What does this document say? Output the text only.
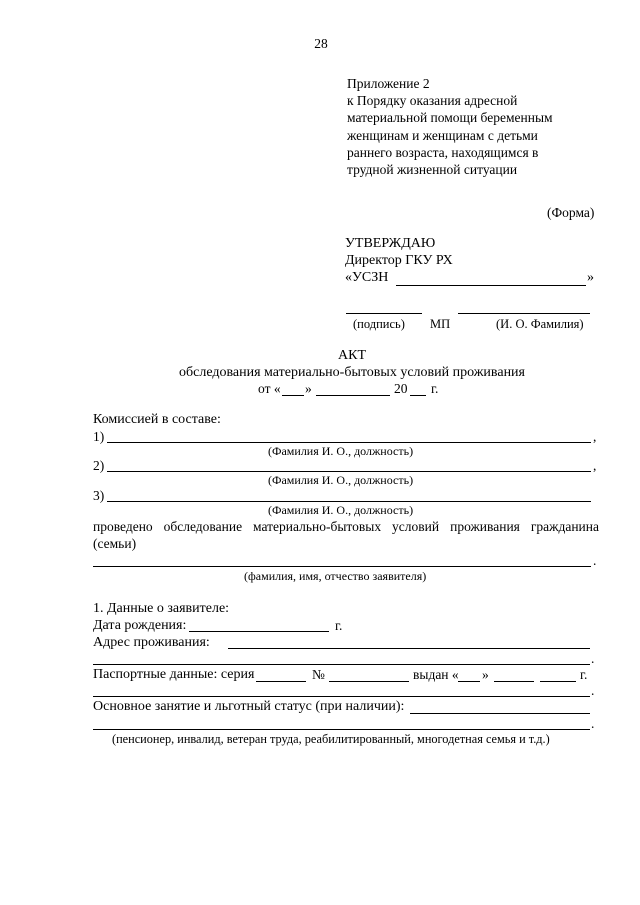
28
Приложение 2
к Порядку оказания адресной
материальной помощи беременным
женщинам и женщинам с детьми
раннего возраста, находящимся в
трудной жизненной ситуации
(Форма)
УТВЕРЖДАЮ
Директор ГКУ РХ
«УСЗН	»
(подпись) МП	(И. О. Фамилия)
АКТ
обследования материально-бытовых условий проживания
от « »	20 г.
Комиссией в составе:
1)	,
(Фамилия И. О., должность)
2)	,
(Фамилия И. О., должность)
3)
(Фамилия И. О., должность)
проведено обследование материально-бытовых условий проживания гражданина
(семьи)
.
(фамилия, имя, отчество заявителя)
1. Данные о заявителе:
Дата рождения:	г.
Адрес проживания:
.
Паспортные данные: серия	№	выдан « »	г.
.
Основное занятие и льготный статус (при наличии):
.
(пенсионер, инвалид, ветеран труда, реабилитированный, многодетная семья и т.д.)
